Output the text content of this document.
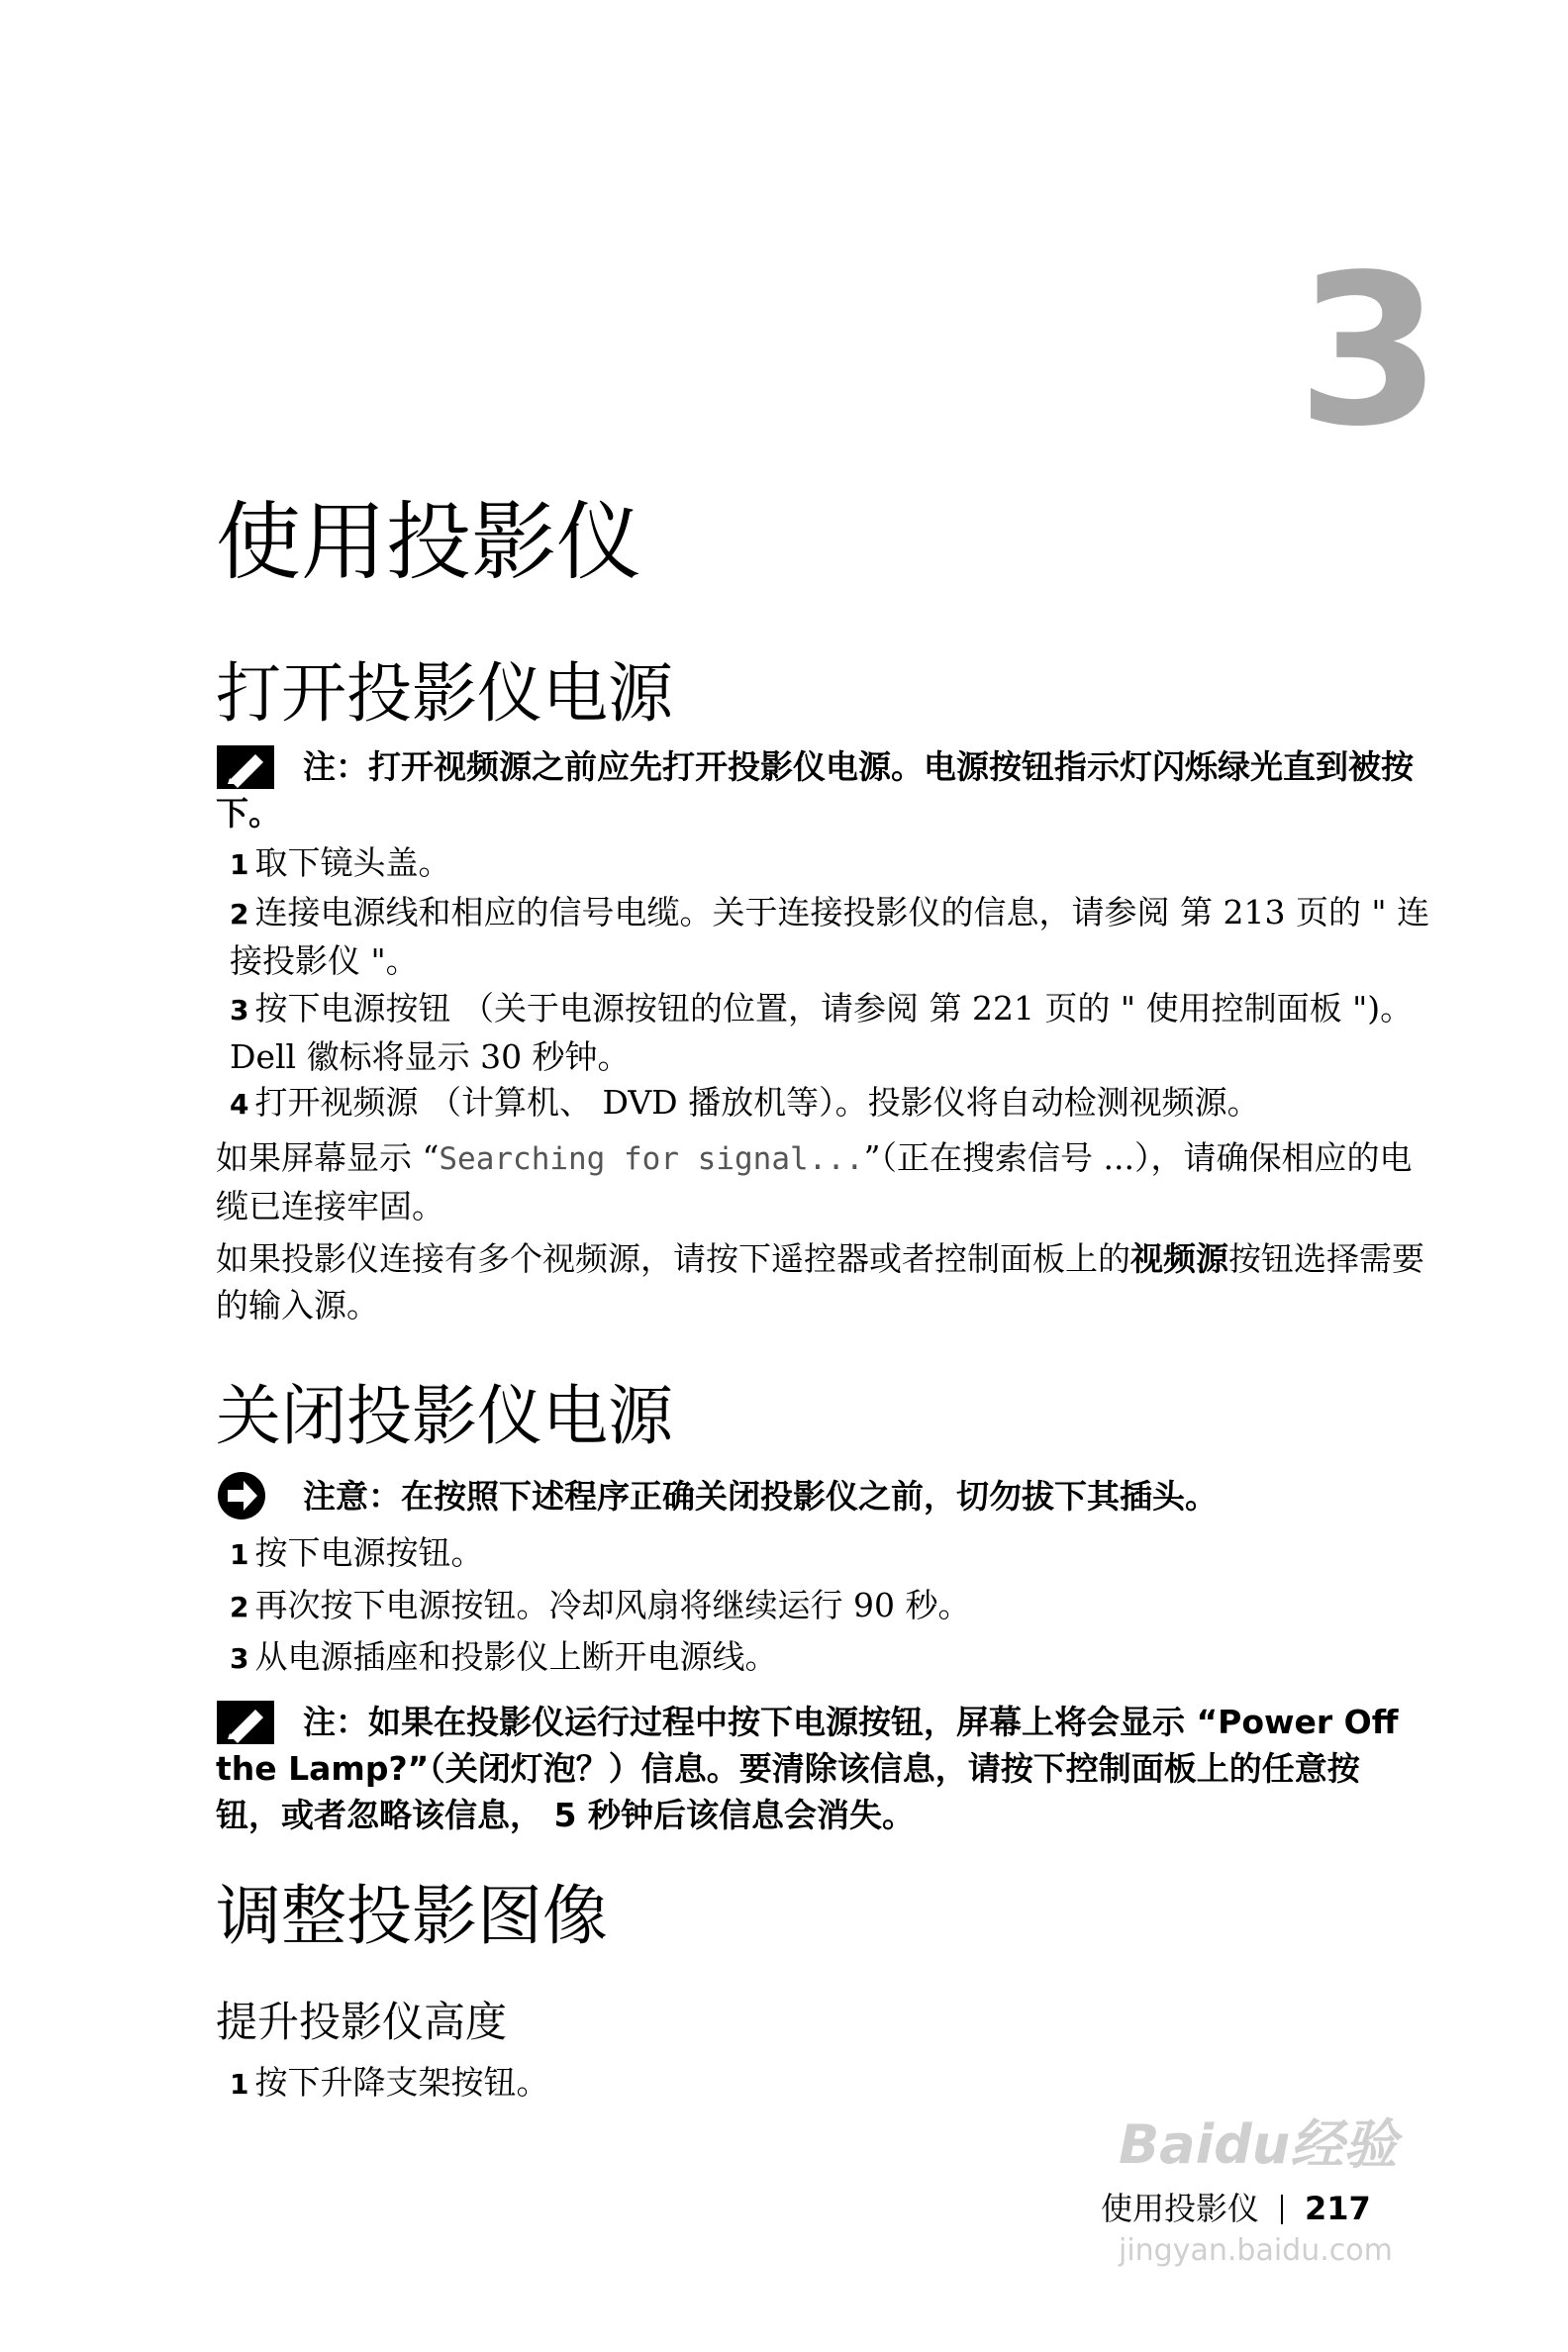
3
使用投影仪
打开投影仪电源
注：打开视频源之前应先打开投影仪电源。电源按钮指示灯闪烁绿光直到被按下。
1 取下镜头盖。
2 连接电源线和相应的信号电缆。关于连接投影仪的信息，请参阅 第 213 页的 " 连接投影仪 "。
3 按下电源按钮 （关于电源按钮的位置，请参阅 第 221 页的 " 使用控制面板 ")。 Dell 徽标将显示 30 秒钟。
4 打开视频源 （计算机、 DVD 播放机等）。投影仪将自动检测视频源。
如果屏幕显示 “Searching for signal...”（正在搜索信号 ...），请确保相应的电缆已连接牢固。
如果投影仪连接有多个视频源，请按下遥控器或者控制面板上的视频源按钮选择需要的输入源。
关闭投影仪电源
注意：在按照下述程序正确关闭投影仪之前，切勿拔下其插头。
1 按下电源按钮。
2 再次按下电源按钮。冷却风扇将继续运行 90 秒。
3 从电源插座和投影仪上断开电源线。
注：如果在投影仪运行过程中按下电源按钮，屏幕上将会显示 “Power Off the Lamp?”（关闭灯泡？）信息。要清除该信息，请按下控制面板上的任意按钮，或者忽略该信息， 5 秒钟后该信息会消失。
调整投影图像
提升投影仪高度
1 按下升降支架按钮。
Baidu经验
jingyan.baidu.com
使用投影仪 217
